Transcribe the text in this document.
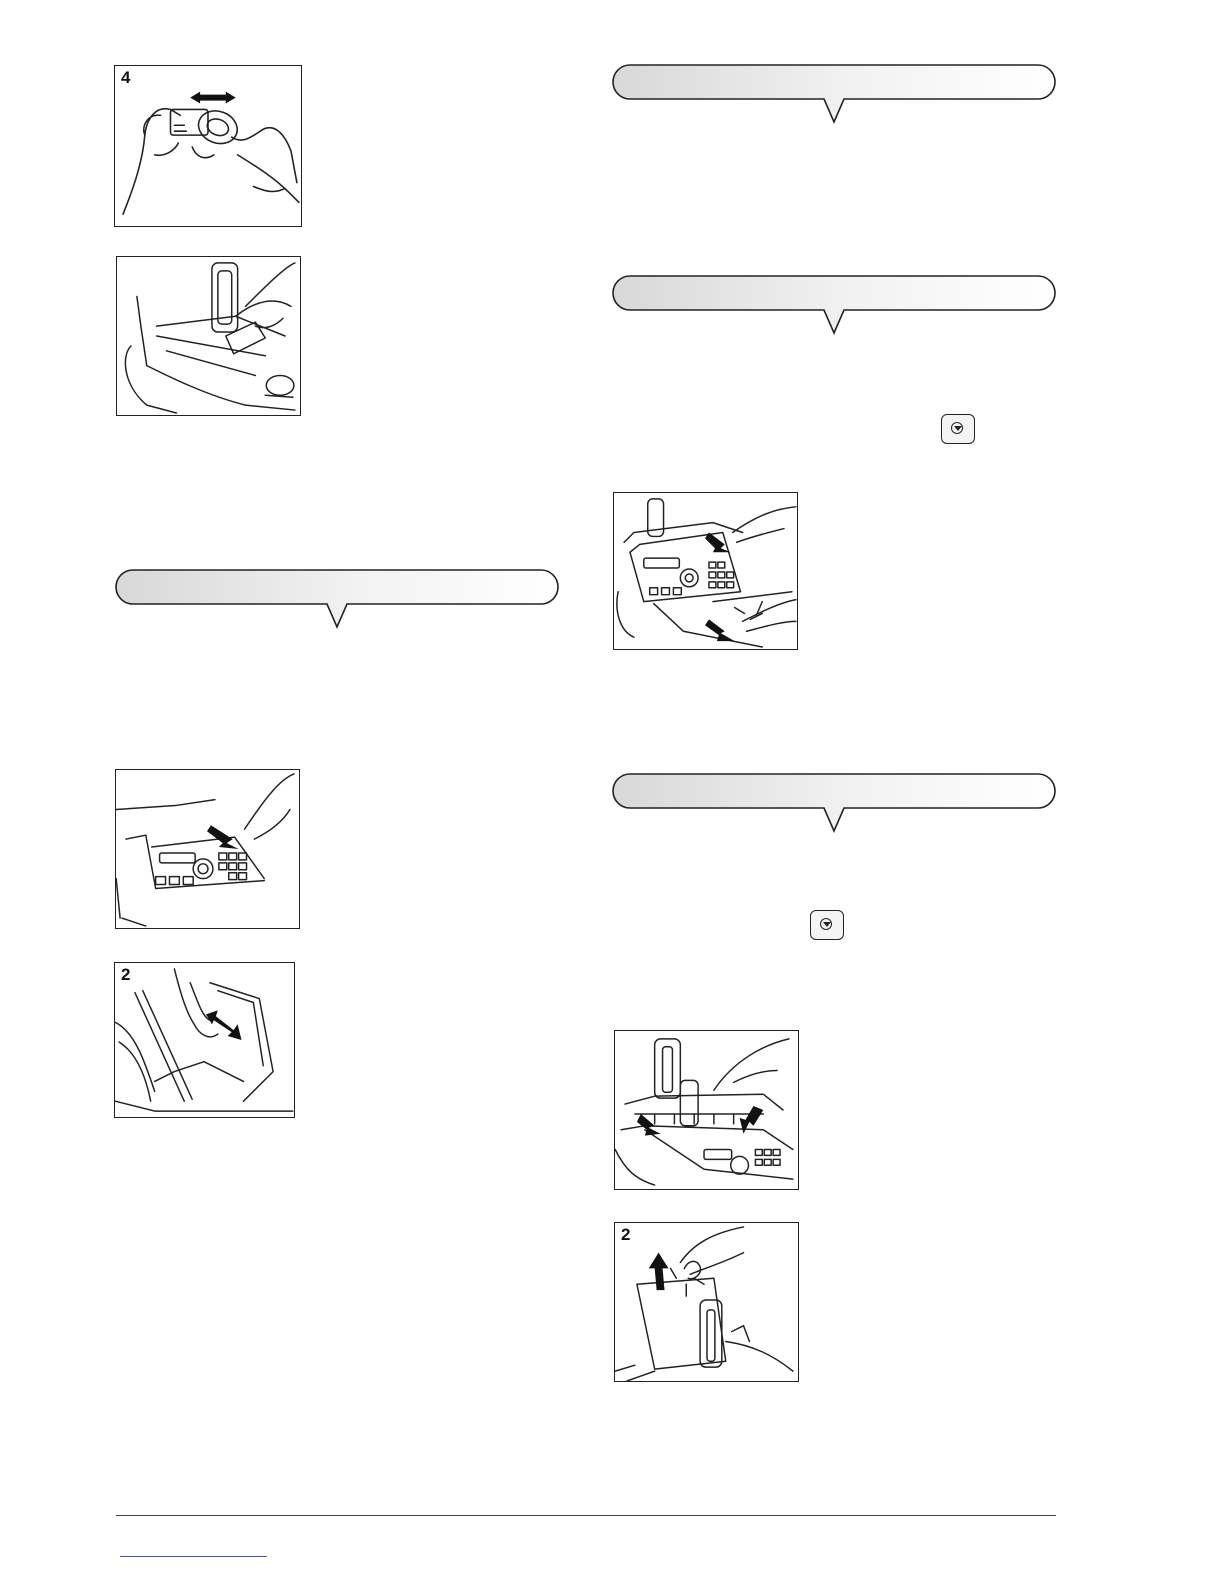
4
2
2
